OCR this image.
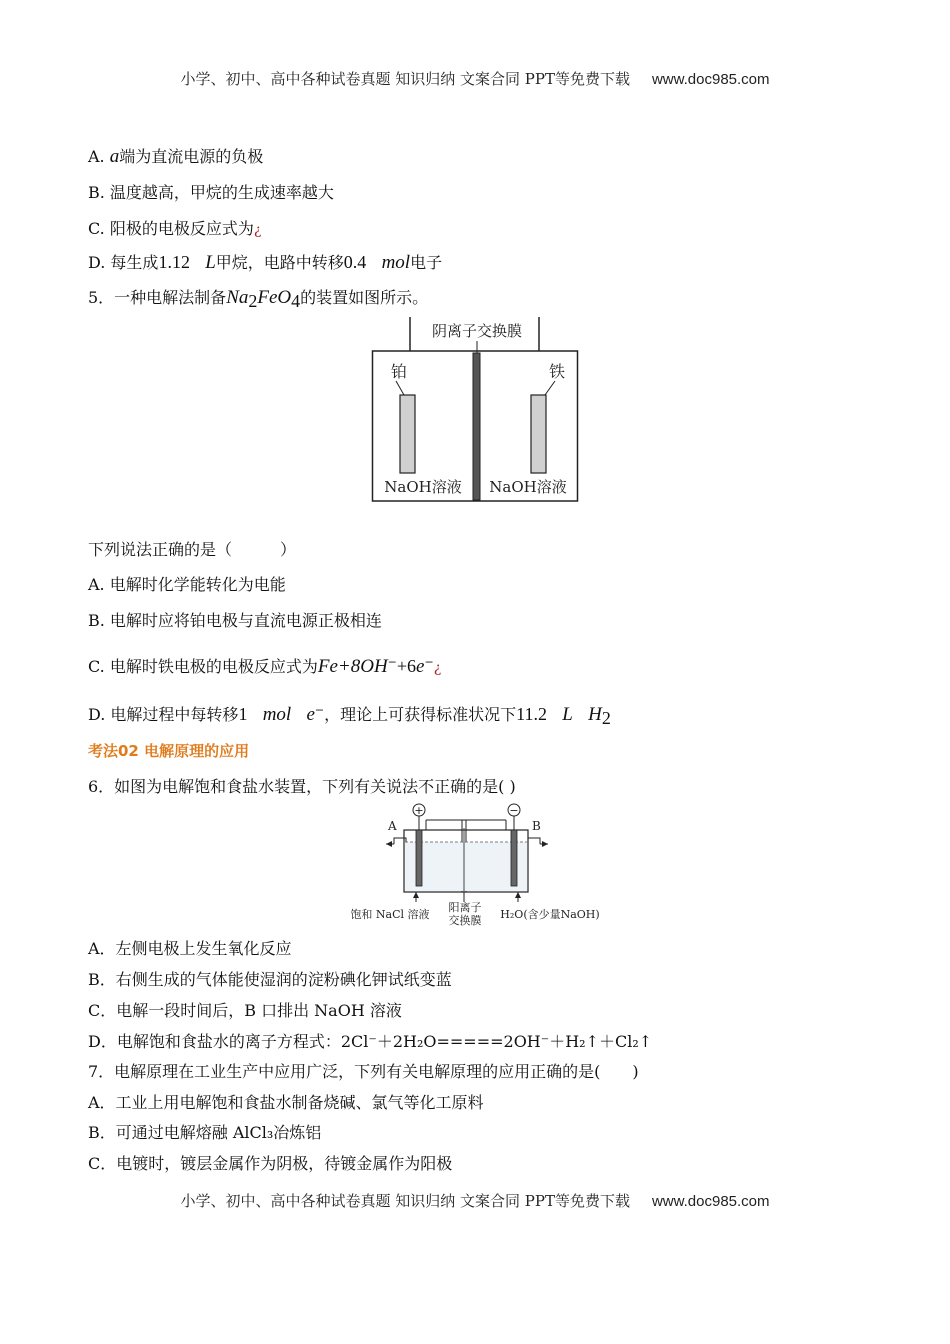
小学、初中、高中各种试卷真题 知识归纳 文案合同 PPT等免费下载 www.doc985.com
A. a端为直流电源的负极
B. 温度越高，甲烷的生成速率越大
C. 阳极的电极反应式为¿
D. 每生成1.12 L甲烷，电路中转移0.4 mol电子
5．一种电解法制备$Na_2FeO_4$的装置如图所示。
阴离子交换膜
铂	铁
NaOH溶液 NaOH溶液
下列说法正确的是（　　　）
A. 电解时化学能转化为电能
B. 电解时应将铂电极与直流电源正极相连
C. 电解时铁电极的电极反应式为Fe+8OH−+6e−¿
D. 电解过程中每转移1 mol e−，理论上可获得标准状况下11.2 L $H_2$
考法02 电解原理的应用
6．如图为电解饱和食盐水装置，下列有关说法不正确的是( )
+	−
A	B
饱和 NaCl 溶液
阳离子
交换膜 H₂O(含少量NaOH)
A．左侧电极上发生氧化反应
B．右侧生成的气体能使湿润的淀粉碘化钾试纸变蓝
C．电解一段时间后，B 口排出 NaOH 溶液
D．电解饱和食盐水的离子方程式：2Cl⁻＋2H₂O=====2OH⁻＋H₂↑＋Cl₂↑
7．电解原理在工业生产中应用广泛，下列有关电解原理的应用正确的是(　　)
A．工业上用电解饱和食盐水制备烧碱、氯气等化工原料
B．可通过电解熔融 AlCl₃冶炼铝
C．电镀时，镀层金属作为阴极，待镀金属作为阳极
小学、初中、高中各种试卷真题 知识归纳 文案合同 PPT等免费下载 www.doc985.com
